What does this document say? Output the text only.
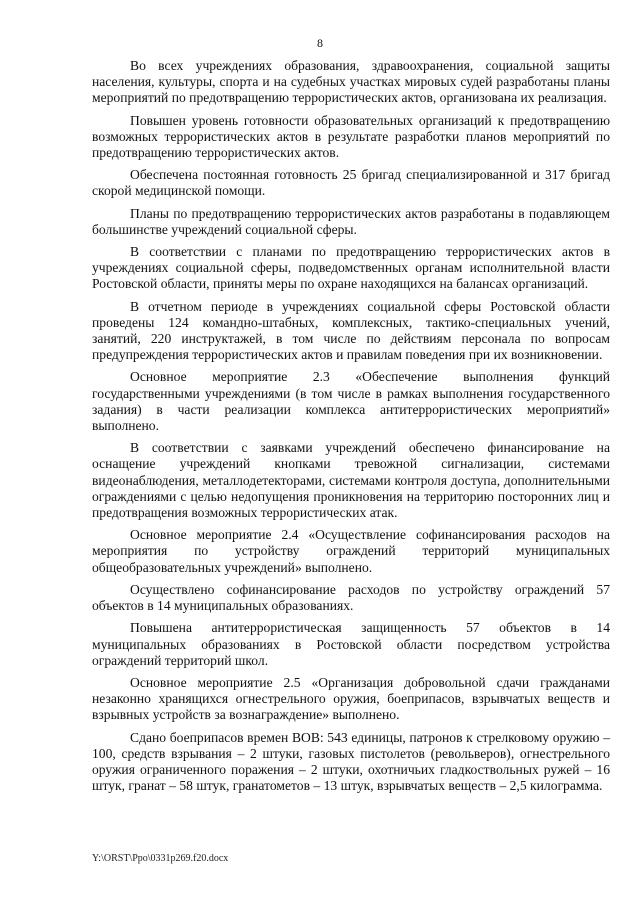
8

Во всех учреждениях образования, здравоохранения, социальной защиты населения, культуры, спорта и на судебных участках мировых судей разработаны планы мероприятий по предотвращению террористических актов, организована их реализация.

Повышен уровень готовности образовательных организаций к предотвращению возможных террористических актов в результате разработки планов мероприятий по предотвращению террористических актов.

Обеспечена постоянная готовность 25 бригад специализированной и 317 бригад скорой медицинской помощи.

Планы по предотвращению террористических актов разработаны в подавляющем большинстве учреждений социальной сферы.

В соответствии с планами по предотвращению террористических актов в учреждениях социальной сферы, подведомственных органам исполнительной власти Ростовской области, приняты меры по охране находящихся на балансах организаций.

В отчетном периоде в учреждениях социальной сферы Ростовской области проведены 124 командно-штабных, комплексных, тактико-специальных учений, занятий, 220 инструктажей, в том числе по действиям персонала по вопросам предупреждения террористических актов и правилам поведения при их возникновении.

Основное мероприятие 2.3 «Обеспечение выполнения функций государственными учреждениями (в том числе в рамках выполнения государственного задания) в части реализации комплекса антитеррористических мероприятий» выполнено.

В соответствии с заявками учреждений обеспечено финансирование на оснащение учреждений кнопками тревожной сигнализации, системами видеонаблюдения, металлодетекторами, системами контроля доступа, дополнительными ограждениями с целью недопущения проникновения на территорию посторонних лиц и предотвращения возможных террористических атак.

Основное мероприятие 2.4 «Осуществление софинансирования расходов на мероприятия по устройству ограждений территорий муниципальных общеобразовательных учреждений» выполнено.

Осуществлено софинансирование расходов по устройству ограждений 57 объектов в 14 муниципальных образованиях.

Повышена антитеррористическая защищенность 57 объектов в 14 муниципальных образованиях в Ростовской области посредством устройства ограждений территорий школ.

Основное мероприятие 2.5 «Организация добровольной сдачи гражданами незаконно хранящихся огнестрельного оружия, боеприпасов, взрывчатых веществ и взрывных устройств за вознаграждение» выполнено.

Сдано боеприпасов времен ВОВ: 543 единицы, патронов к стрелковому оружию – 100, средств взрывания – 2 штуки, газовых пистолетов (револьверов), огнестрельного оружия ограниченного поражения – 2 штуки, охотничьих гладкоствольных ружей – 16 штук, гранат – 58 штук, гранатометов – 13 штук, взрывчатых веществ – 2,5 килограмма.

Y:\ORST\Ppo\0331p269.f20.docx
